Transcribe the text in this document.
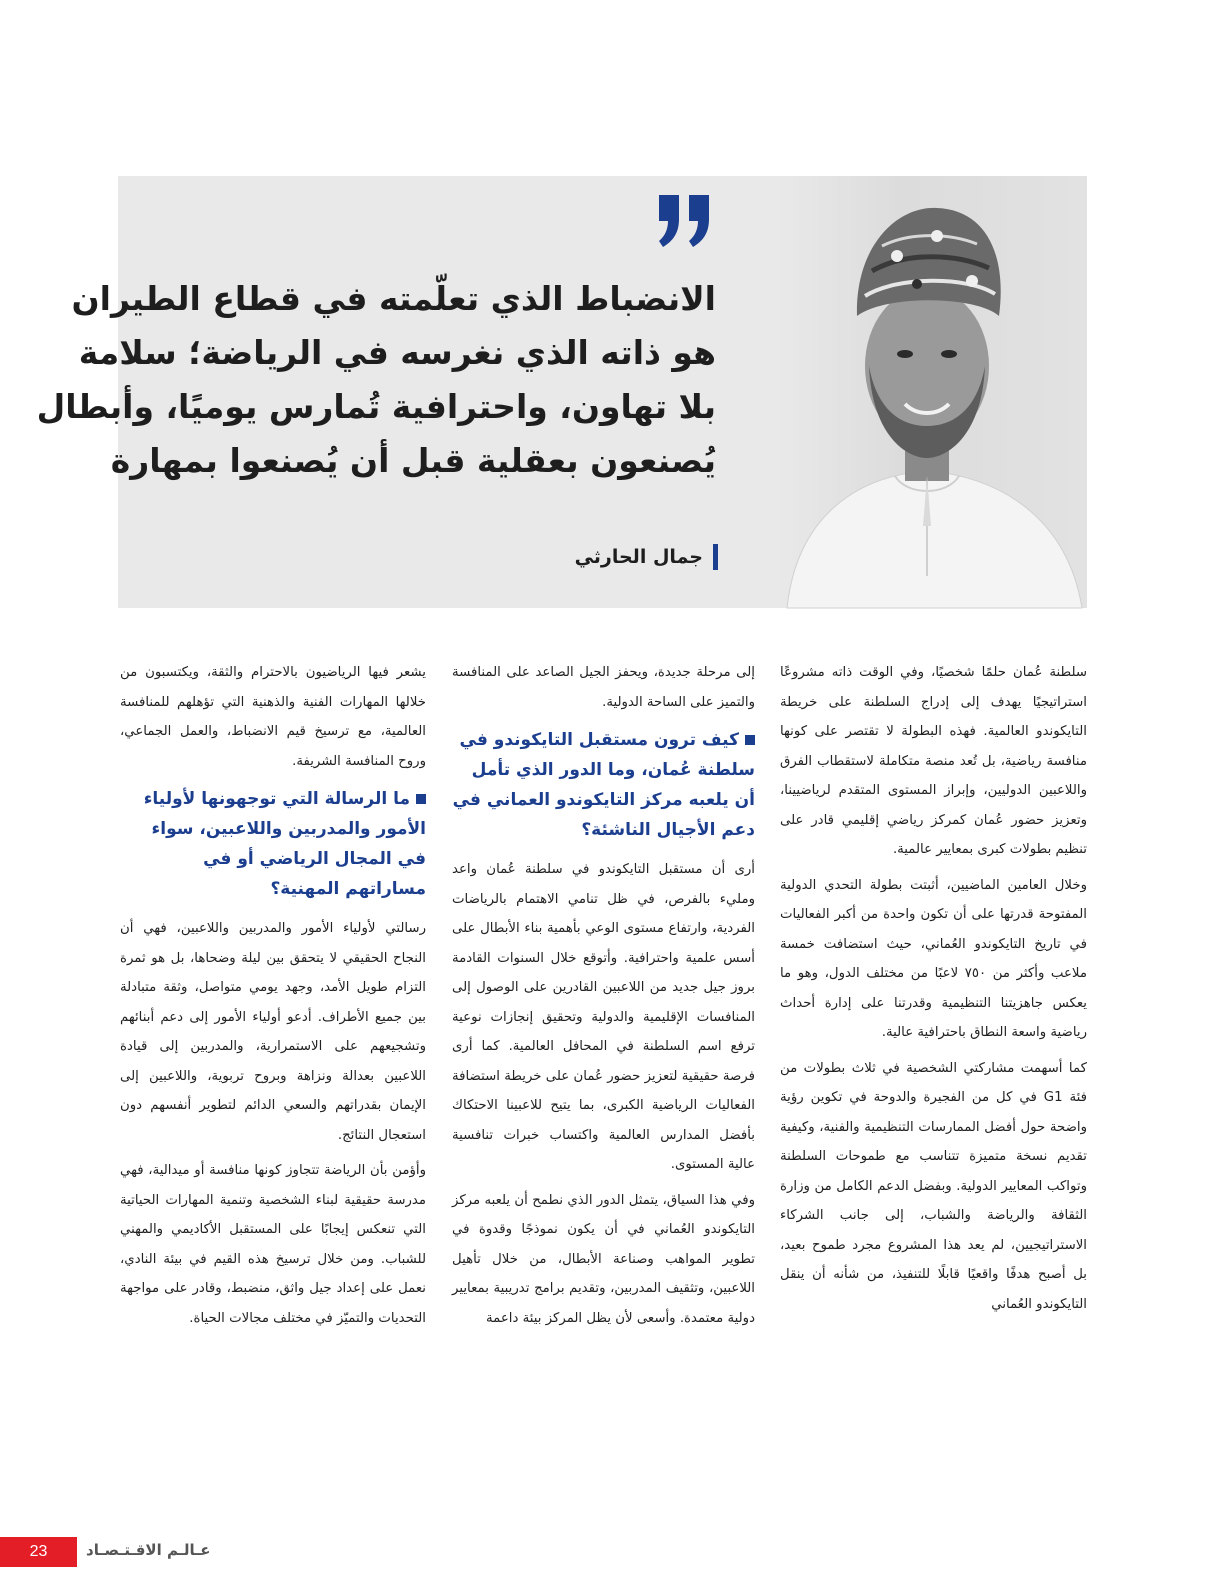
الانضباط الذي تعلّمته في قطاع الطيران
هو ذاته الذي نغرسه في الرياضة؛ سلامة
بلا تهاون، واحترافية تُمارس يوميًا، وأبطال
يُصنعون بعقلية قبل أن يُصنعوا بمهارة
جمال الحارثي

سلطنة عُمان حلمًا شخصيًا، وفي الوقت ذاته مشروعًا استراتيجيًا يهدف إلى إدراج السلطنة على خريطة التايكوندو العالمية. فهذه البطولة لا تقتصر على كونها منافسة رياضية، بل تُعد منصة متكاملة لاستقطاب الفرق واللاعبين الدوليين، وإبراز المستوى المتقدم لرياضيينا، وتعزيز حضور عُمان كمركز رياضي إقليمي قادر على تنظيم بطولات كبرى بمعايير عالمية.

وخلال العامين الماضيين، أثبتت بطولة التحدي الدولية المفتوحة قدرتها على أن تكون واحدة من أكبر الفعاليات في تاريخ التايكوندو العُماني، حيث استضافت خمسة ملاعب وأكثر من ٧٥٠ لاعبًا من مختلف الدول، وهو ما يعكس جاهزيتنا التنظيمية وقدرتنا على إدارة أحداث رياضية واسعة النطاق باحترافية عالية.

كما أسهمت مشاركتي الشخصية في ثلاث بطولات من فئة G1 في كل من الفجيرة والدوحة في تكوين رؤية واضحة حول أفضل الممارسات التنظيمية والفنية، وكيفية تقديم نسخة متميزة تتناسب مع طموحات السلطنة وتواكب المعايير الدولية. وبفضل الدعم الكامل من وزارة الثقافة والرياضة والشباب، إلى جانب الشركاء الاستراتيجيين، لم يعد هذا المشروع مجرد طموح بعيد، بل أصبح هدفًا واقعيًا قابلًا للتنفيذ، من شأنه أن ينقل التايكوندو العُماني

إلى مرحلة جديدة، ويحفز الجيل الصاعد على المنافسة والتميز على الساحة الدولية.

كيف ترون مستقبل التايكوندو في سلطنة عُمان، وما الدور الذي تأمل أن يلعبه مركز التايكوندو العماني في دعم الأجيال الناشئة؟

أرى أن مستقبل التايكوندو في سلطنة عُمان واعد ومليء بالفرص، في ظل تنامي الاهتمام بالرياضات الفردية، وارتفاع مستوى الوعي بأهمية بناء الأبطال على أسس علمية واحترافية. وأتوقع خلال السنوات القادمة بروز جيل جديد من اللاعبين القادرين على الوصول إلى المنافسات الإقليمية والدولية وتحقيق إنجازات نوعية ترفع اسم السلطنة في المحافل العالمية. كما أرى فرصة حقيقية لتعزيز حضور عُمان على خريطة استضافة الفعاليات الرياضية الكبرى، بما يتيح للاعبينا الاحتكاك بأفضل المدارس العالمية واكتساب خبرات تنافسية عالية المستوى.

وفي هذا السياق، يتمثل الدور الذي نطمح أن يلعبه مركز التايكوندو العُماني في أن يكون نموذجًا وقدوة في تطوير المواهب وصناعة الأبطال، من خلال تأهيل اللاعبين، وتثقيف المدربين، وتقديم برامج تدريبية بمعايير دولية معتمدة. وأسعى لأن يظل المركز بيئة داعمة

يشعر فيها الرياضيون بالاحترام والثقة، ويكتسبون من خلالها المهارات الفنية والذهنية التي تؤهلهم للمنافسة العالمية، مع ترسيخ قيم الانضباط، والعمل الجماعي، وروح المنافسة الشريفة.

ما الرسالة التي توجهونها لأولياء الأمور والمدربين واللاعبين، سواء في المجال الرياضي أو في مساراتهم المهنية؟

رسالتي لأولياء الأمور والمدربين واللاعبين، فهي أن النجاح الحقيقي لا يتحقق بين ليلة وضحاها، بل هو ثمرة التزام طويل الأمد، وجهد يومي متواصل، وثقة متبادلة بين جميع الأطراف. أدعو أولياء الأمور إلى دعم أبنائهم وتشجيعهم على الاستمرارية، والمدربين إلى قيادة اللاعبين بعدالة ونزاهة وبروح تربوية، واللاعبين إلى الإيمان بقدراتهم والسعي الدائم لتطوير أنفسهم دون استعجال النتائج.

وأؤمن بأن الرياضة تتجاوز كونها منافسة أو ميدالية، فهي مدرسة حقيقية لبناء الشخصية وتنمية المهارات الحياتية التي تنعكس إيجابًا على المستقبل الأكاديمي والمهني للشباب. ومن خلال ترسيخ هذه القيم في بيئة النادي، نعمل على إعداد جيل واثق، منضبط، وقادر على مواجهة التحديات والتميّز في مختلف مجالات الحياة.

23	عـالـم الاقـتـصـاد
